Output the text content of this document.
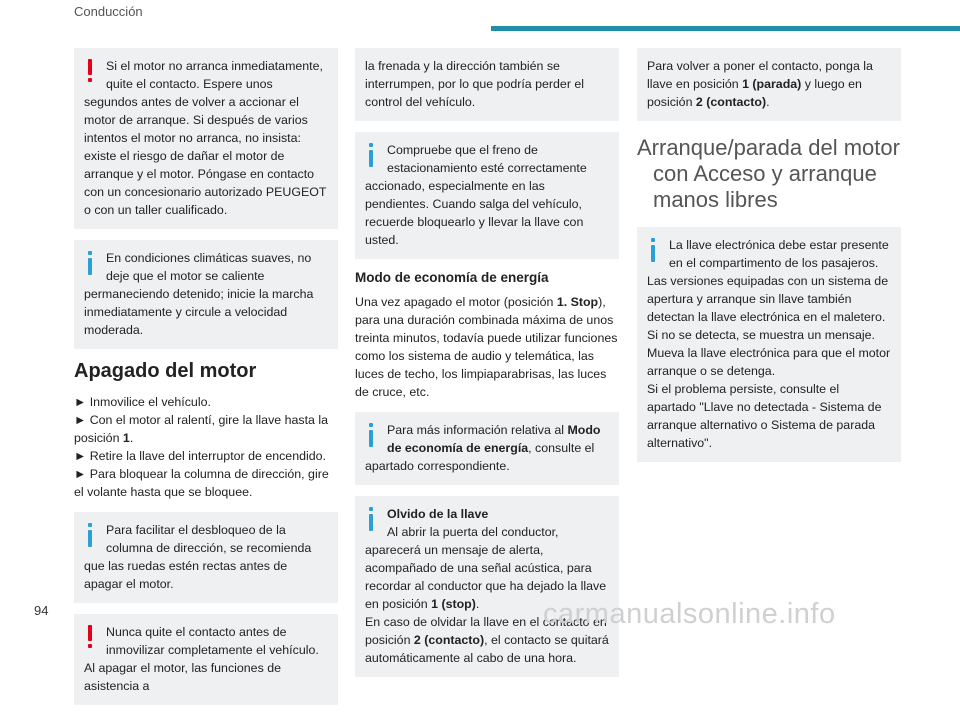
Conducción

Si el motor no arranca inmediatamente, quite el contacto. Espere unos segundos antes de volver a accionar el motor de arranque. Si después de varios intentos el motor no arranca, no insista: existe el riesgo de dañar el motor de arranque y el motor. Póngase en contacto con un concesionario autorizado PEUGEOT o con un taller cualificado.

En condiciones climáticas suaves, no deje que el motor se caliente permaneciendo detenido; inicie la marcha inmediatamente y circule a velocidad moderada.

Apagado del motor

► Inmovilice el vehículo.

► Con el motor al ralentí, gire la llave hasta la posición 1.

► Retire la llave del interruptor de encendido.

► Para bloquear la columna de dirección, gire el volante hasta que se bloquee.

Para facilitar el desbloqueo de la columna de dirección, se recomienda que las ruedas estén rectas antes de apagar el motor.

Nunca quite el contacto antes de inmovilizar completamente el vehículo. Al apagar el motor, las funciones de asistencia a

la frenada y la dirección también se interrumpen, por lo que podría perder el control del vehículo.

Compruebe que el freno de estacionamiento esté correctamente accionado, especialmente en las pendientes. Cuando salga del vehículo, recuerde bloquearlo y llevar la llave con usted.

Modo de economía de energía

Una vez apagado el motor (posición 1. Stop), para una duración combinada máxima de unos treinta minutos, todavía puede utilizar funciones como los sistema de audio y telemática, las luces de techo, los limpiaparabrisas, las luces de cruce, etc.

Para más información relativa al Modo de economía de energía, consulte el apartado correspondiente.

Olvido de la llave

Al abrir la puerta del conductor, aparecerá un mensaje de alerta, acompañado de una señal acústica, para recordar al conductor que ha dejado la llave en posición 1 (stop).

En caso de olvidar la llave en el contacto en posición 2 (contacto), el contacto se quitará automáticamente al cabo de una hora.

Para volver a poner el contacto, ponga la llave en posición 1 (parada) y luego en posición 2 (contacto).

Arranque/parada del motor con Acceso y arranque manos libres

La llave electrónica debe estar presente en el compartimento de los pasajeros.

Las versiones equipadas con un sistema de apertura y arranque sin llave también detectan la llave electrónica en el maletero.

Si no se detecta, se muestra un mensaje.

Mueva la llave electrónica para que el motor arranque o se detenga.

Si el problema persiste, consulte el apartado "Llave no detectada - Sistema de arranque alternativo o Sistema de parada alternativo".

94	carmanualsonline.info
